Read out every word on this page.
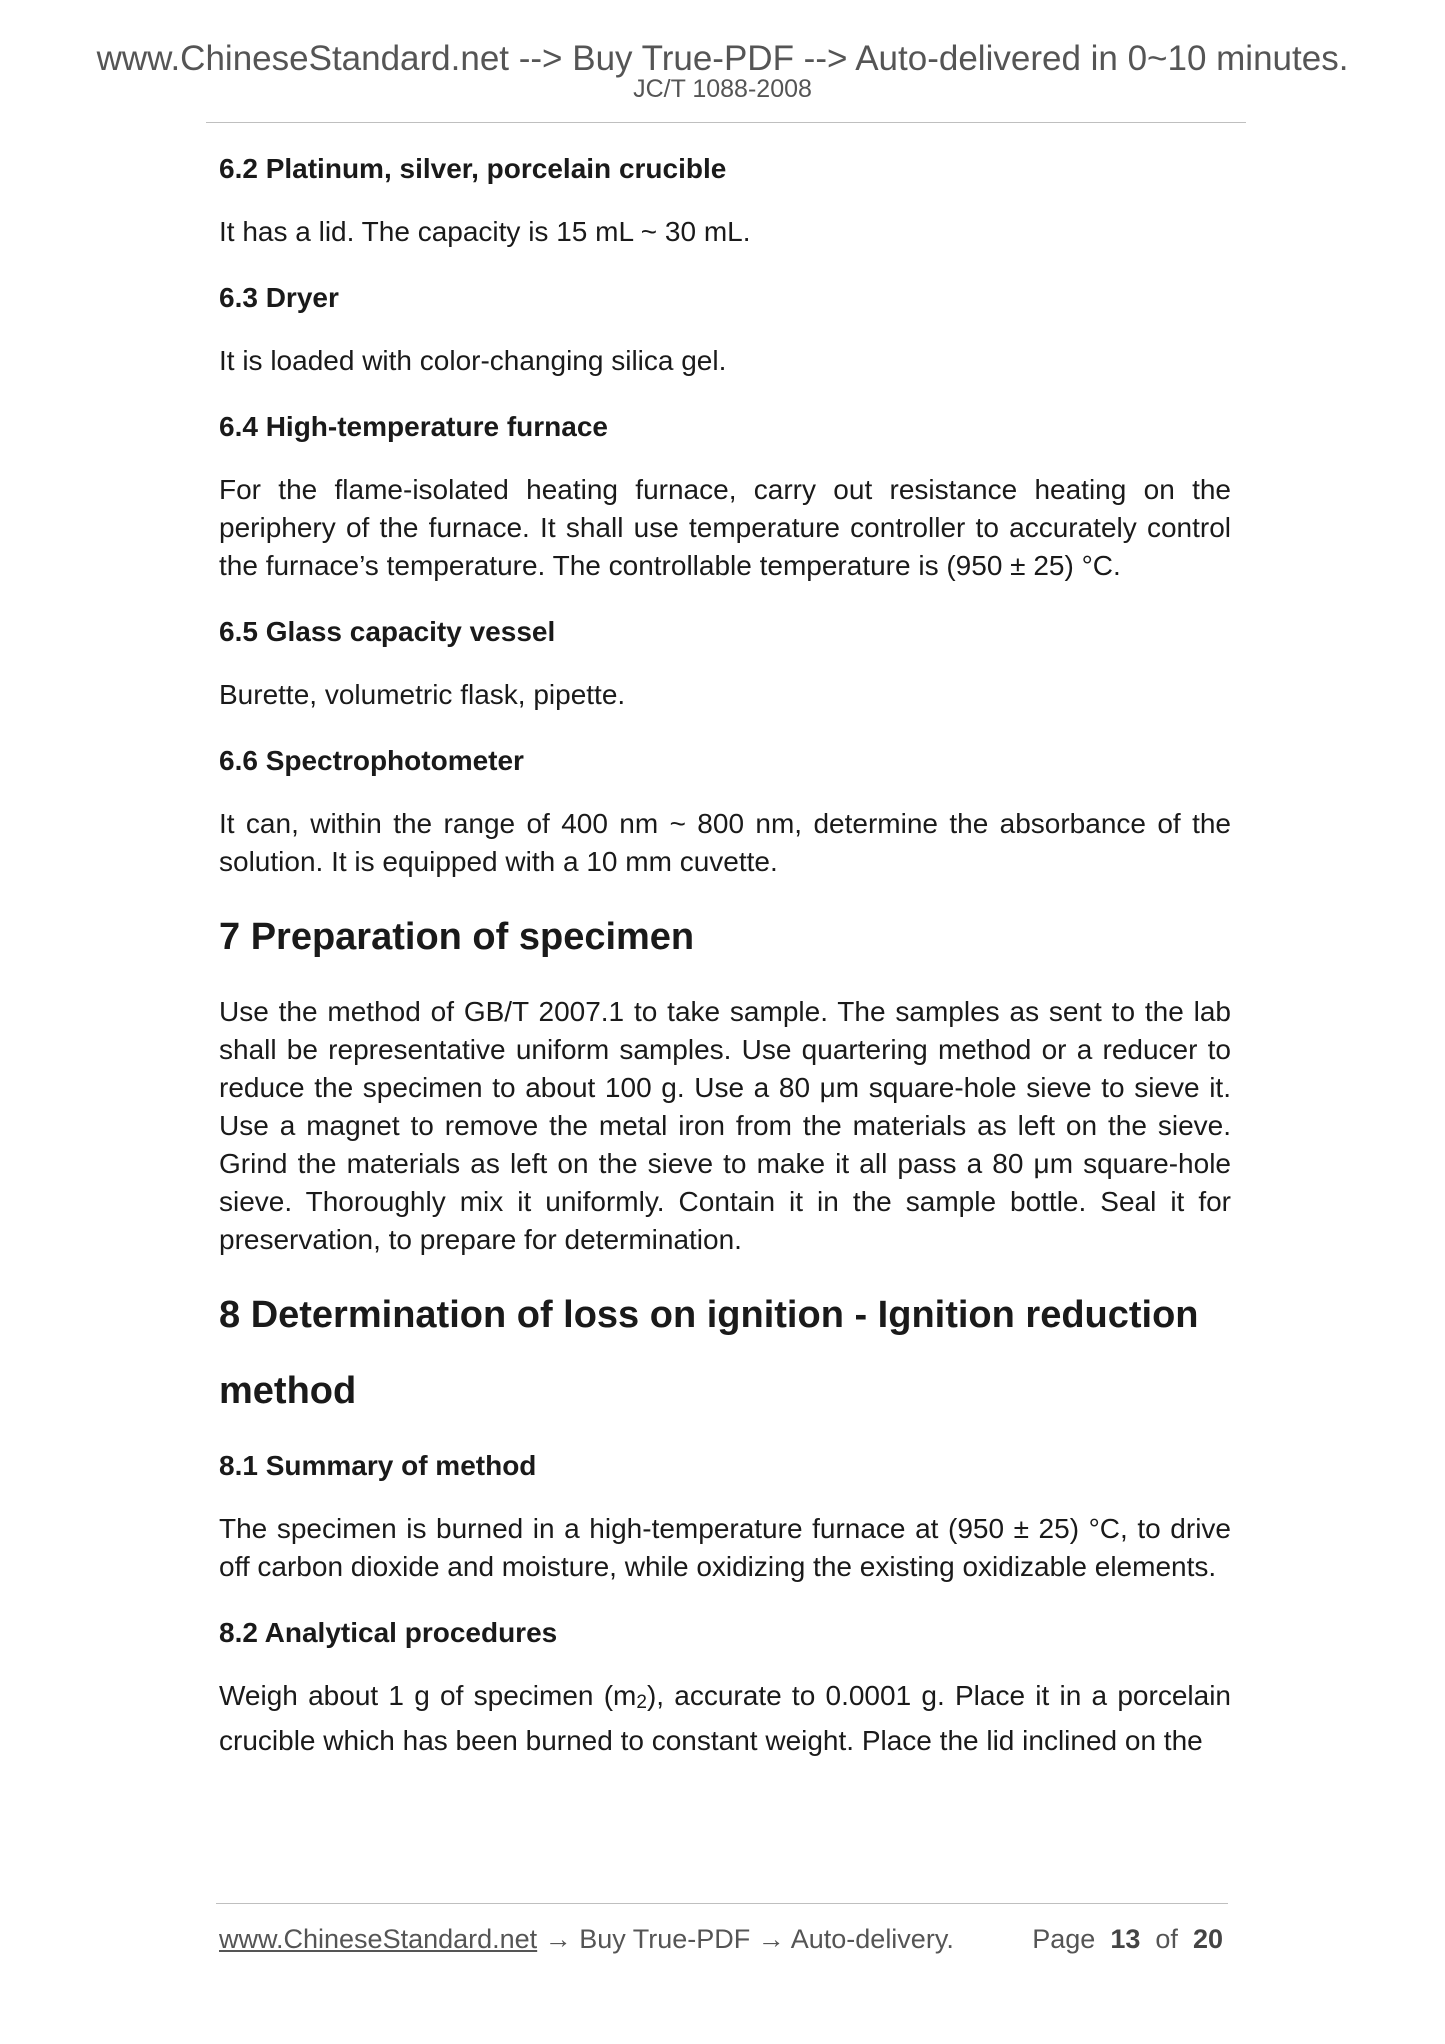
www.ChineseStandard.net --> Buy True-PDF --> Auto-delivered in 0~10 minutes.
JC/T 1088-2008
6.2 Platinum, silver, porcelain crucible

It has a lid. The capacity is 15 mL ~ 30 mL.

6.3 Dryer

It is loaded with color-changing silica gel.

6.4 High-temperature furnace

For the flame-isolated heating furnace, carry out resistance heating on the periphery of the furnace. It shall use temperature controller to accurately control the furnace’s temperature. The controllable temperature is (950 ± 25) °C.

6.5 Glass capacity vessel

Burette, volumetric flask, pipette.

6.6 Spectrophotometer

It can, within the range of 400 nm ~ 800 nm, determine the absorbance of the solution. It is equipped with a 10 mm cuvette.

7 Preparation of specimen

Use the method of GB/T 2007.1 to take sample. The samples as sent to the lab shall be representative uniform samples. Use quartering method or a reducer to reduce the specimen to about 100 g. Use a 80 μm square-hole sieve to sieve it. Use a magnet to remove the metal iron from the materials as left on the sieve. Grind the materials as left on the sieve to make it all pass a 80 μm square-hole sieve. Thoroughly mix it uniformly. Contain it in the sample bottle. Seal it for preservation, to prepare for determination.

8 Determination of loss on ignition - Ignition reduction method
8.1 Summary of method

The specimen is burned in a high-temperature furnace at (950 ± 25) °C, to drive off carbon dioxide and moisture, while oxidizing the existing oxidizable elements.

8.2 Analytical procedures

Weigh about 1 g of specimen $(m_2)$, accurate to 0.0001 g. Place it in a porcelain crucible which has been burned to constant weight. Place the lid inclined on the

www.ChineseStandard.net → Buy True-PDF → Auto-delivery.	Page 13 of 20
